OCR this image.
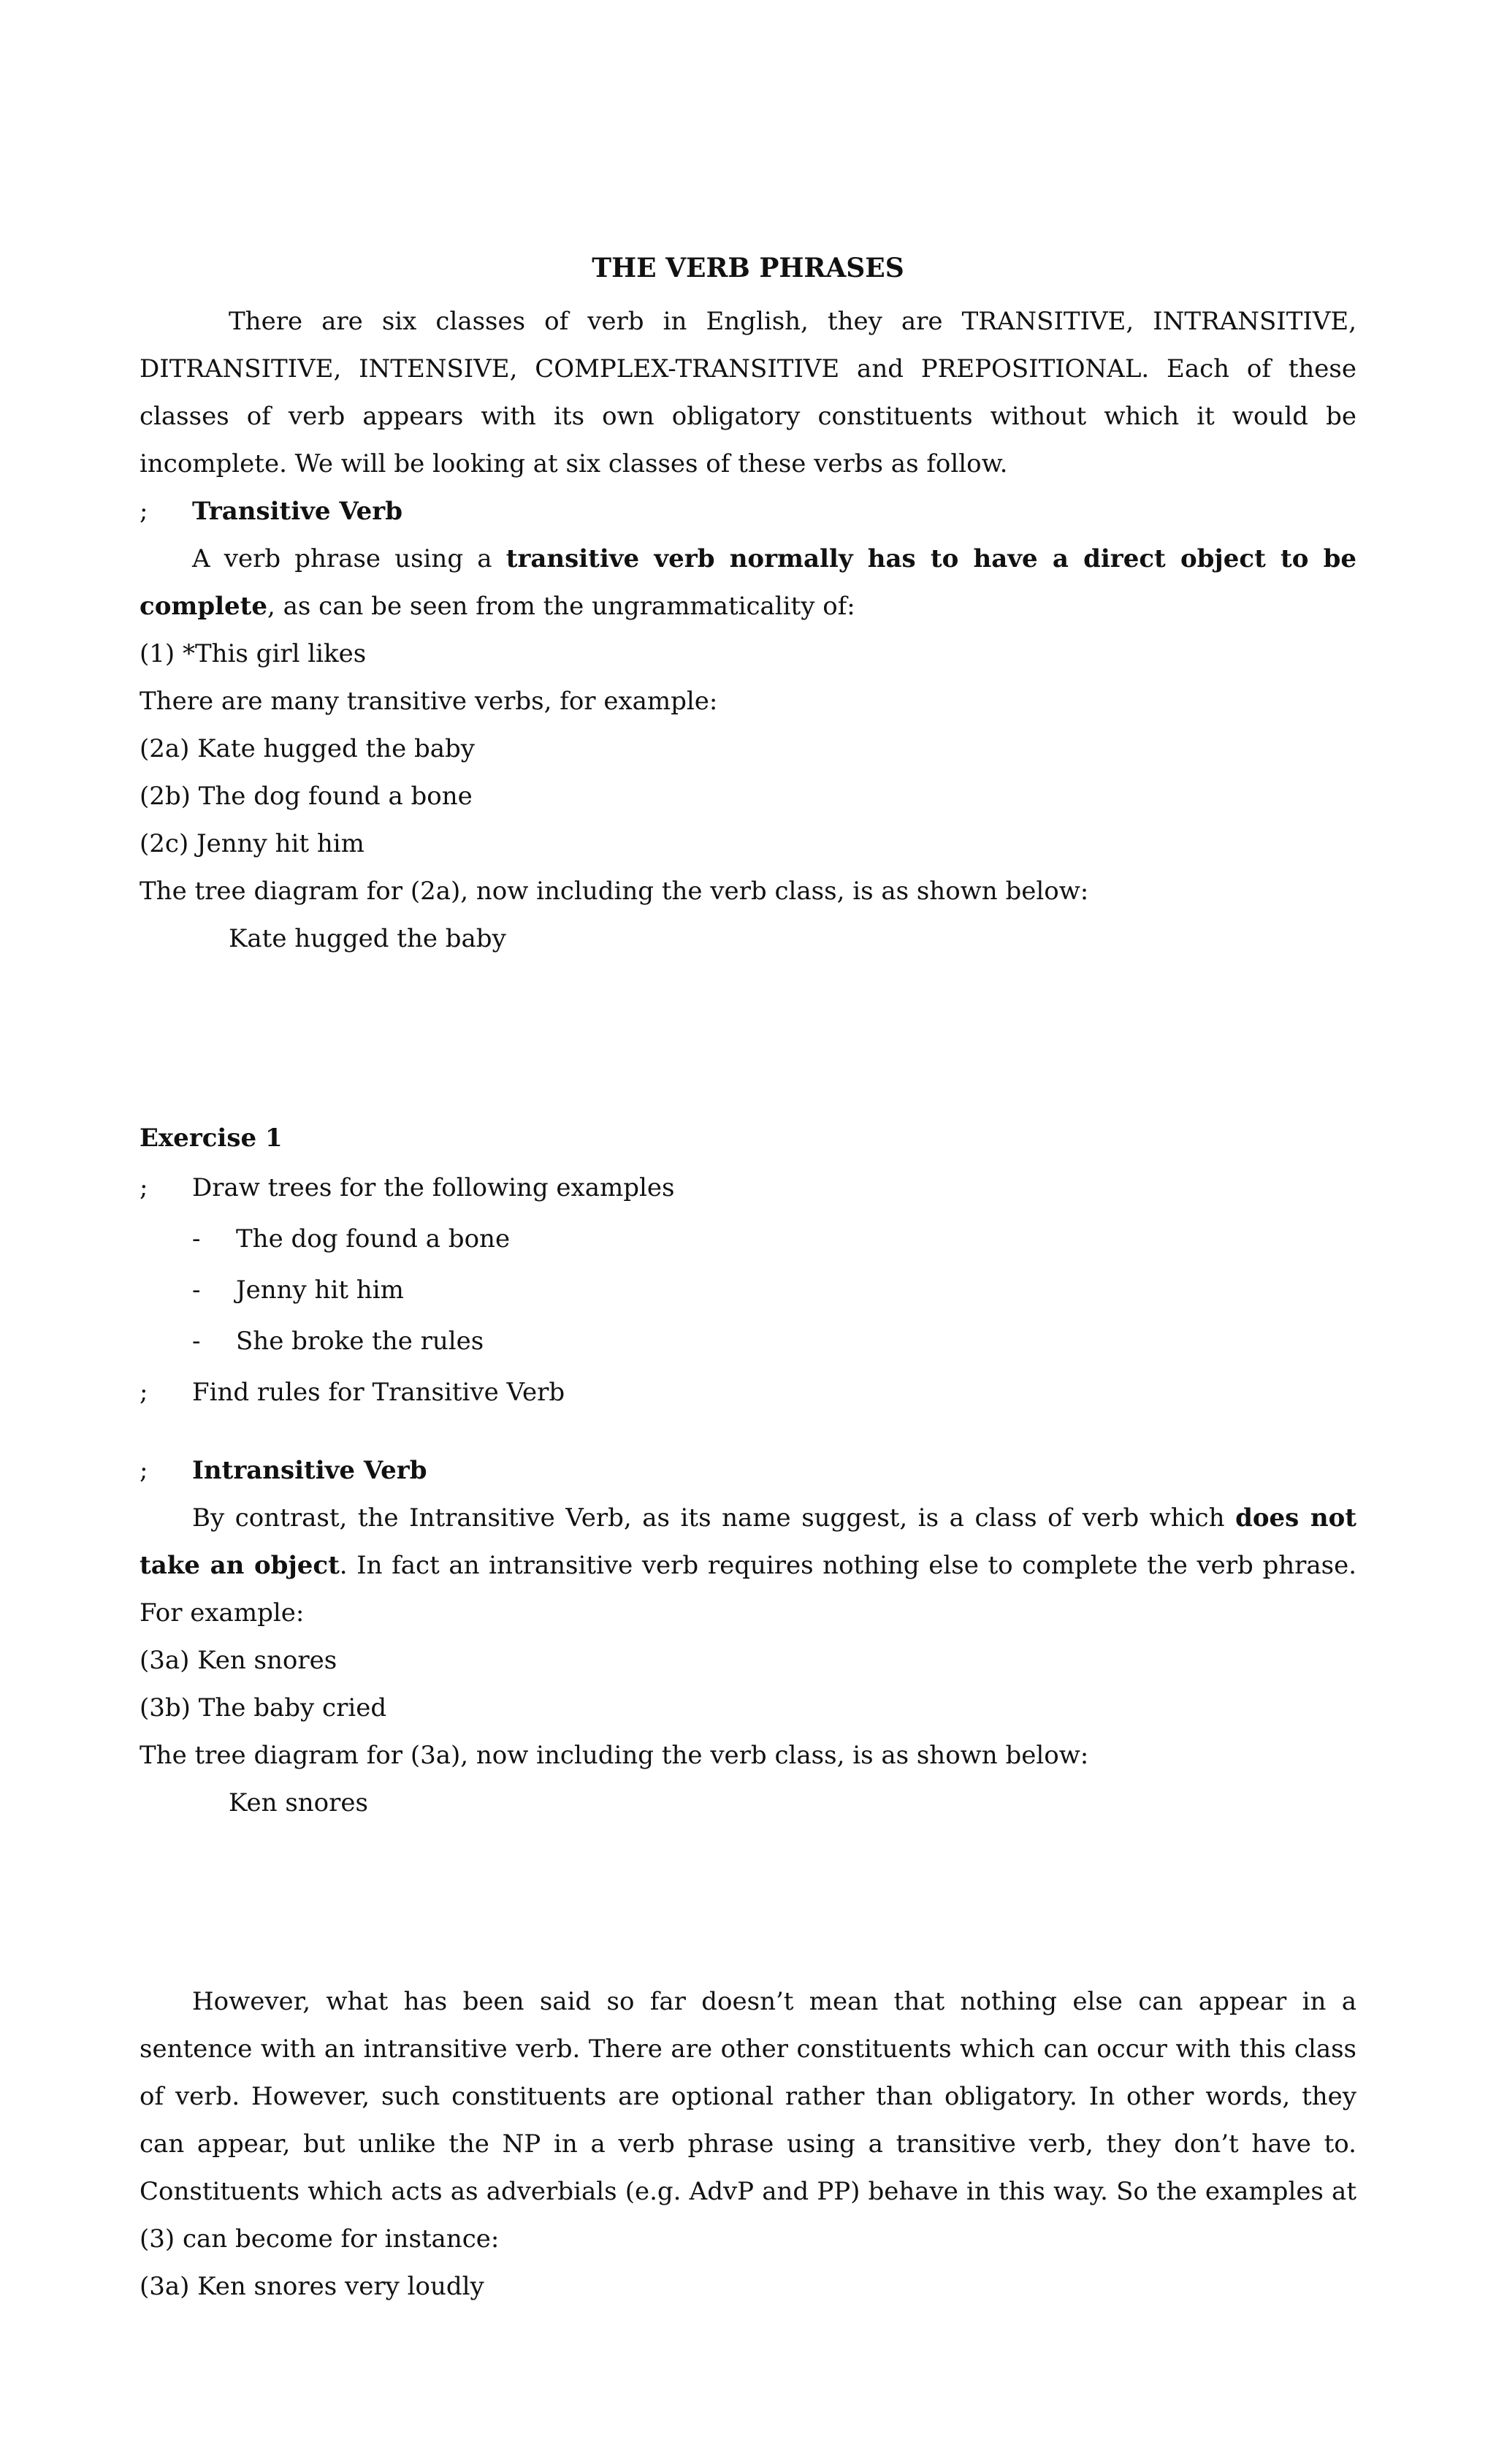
THE VERB PHRASES

There are six classes of verb in English, they are TRANSITIVE, INTRANSITIVE, DITRANSITIVE, INTENSIVE, COMPLEX-TRANSITIVE and PREPOSITIONAL. Each of these classes of verb appears with its own obligatory constituents without which it would be incomplete. We will be looking at six classes of these verbs as follow.

;	Transitive Verb

A verb phrase using a transitive verb normally has to have a direct object to be complete, as can be seen from the ungrammaticality of:

(1) *This girl likes

There are many transitive verbs, for example:

(2a) Kate hugged the baby

(2b) The dog found a bone

(2c) Jenny hit him

The tree diagram for (2a), now including the verb class, is as shown below:

Kate hugged the baby

Exercise 1

;	Draw trees for the following examples
-	The dog found a bone
-	Jenny hit him
-	She broke the rules
;	Find rules for Transitive Verb
;	Intransitive Verb

By contrast, the Intransitive Verb, as its name suggest, is a class of verb which does not take an object. In fact an intransitive verb requires nothing else to complete the verb phrase. For example:

(3a) Ken snores

(3b) The baby cried

The tree diagram for (3a), now including the verb class, is as shown below:

Ken snores

However, what has been said so far doesn’t mean that nothing else can appear in a sentence with an intransitive verb. There are other constituents which can occur with this class of verb. However, such constituents are optional rather than obligatory. In other words, they can appear, but unlike the NP in a verb phrase using a transitive verb, they don’t have to. Constituents which acts as adverbials (e.g. AdvP and PP) behave in this way. So the examples at (3) can become for instance:

(3a) Ken snores very loudly
